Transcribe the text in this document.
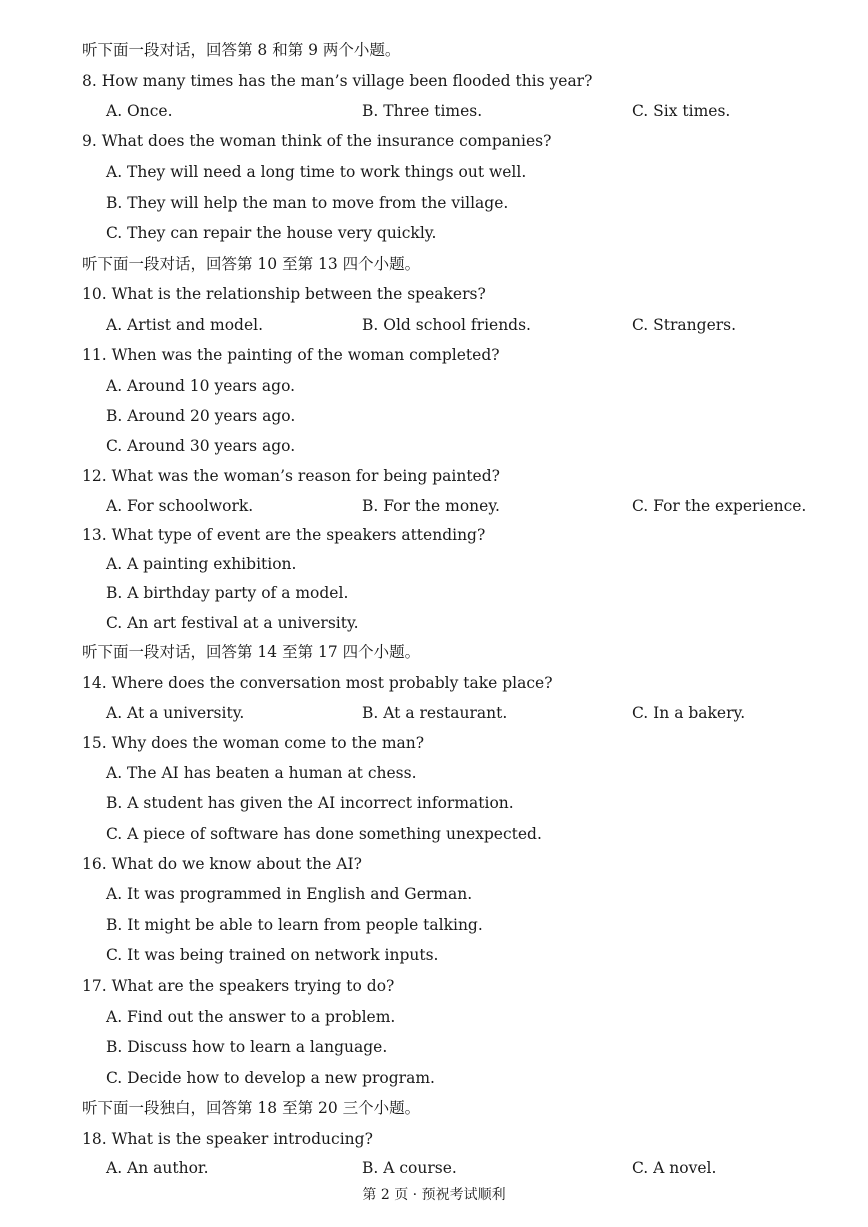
第 2 页 · 预祝考试顺利
听下面一段对话，回答第 8 和第 9 两个小题。
8. How many times has the man’s village been flooded this year?
A. Once.	B. Three times.	C. Six times.
9. What does the woman think of the insurance companies?
A. They will need a long time to work things out well.
B. They will help the man to move from the village.
C. They can repair the house very quickly.
听下面一段对话，回答第 10 至第 13 四个小题。
10. What is the relationship between the speakers?
A. Artist and model.	B. Old school friends.	C. Strangers.
11. When was the painting of the woman completed?
A. Around 10 years ago.
B. Around 20 years ago.
C. Around 30 years ago.
12. What was the woman’s reason for being painted?
A. For schoolwork.	B. For the money.	C. For the experience.
13. What type of event are the speakers attending?
A. A painting exhibition.
B. A birthday party of a model.
C. An art festival at a university.
听下面一段对话，回答第 14 至第 17 四个小题。
14. Where does the conversation most probably take place?
A. At a university.	B. At a restaurant.	C. In a bakery.
15. Why does the woman come to the man?
A. The AI has beaten a human at chess.
B. A student has given the AI incorrect information.
C. A piece of software has done something unexpected.
16. What do we know about the AI?
A. It was programmed in English and German.
B. It might be able to learn from people talking.
C. It was being trained on network inputs.
17. What are the speakers trying to do?
A. Find out the answer to a problem.
B. Discuss how to learn a language.
C. Decide how to develop a new program.
听下面一段独白，回答第 18 至第 20 三个小题。
18. What is the speaker introducing?
A. An author.	B. A course.	C. A novel.
